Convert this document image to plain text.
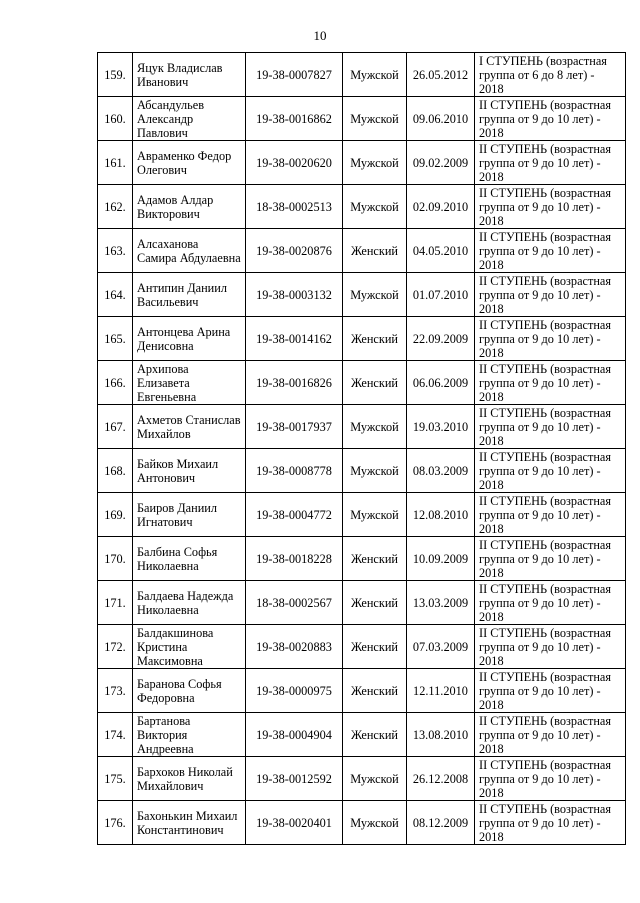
10
159.	Яцук Владислав Иванович	19-38-0007827	Мужской	26.05.2012	I СТУПЕНЬ (возрастная группа от 6 до 8 лет) - 2018
160.	Абсандульев Александр Павлович	19-38-0016862	Мужской	09.06.2010	II СТУПЕНЬ (возрастная группа от 9 до 10 лет) - 2018
161.	Авраменко Федор Олегович	19-38-0020620	Мужской	09.02.2009	II СТУПЕНЬ (возрастная группа от 9 до 10 лет) - 2018
162.	Адамов Алдар Викторович	18-38-0002513	Мужской	02.09.2010	II СТУПЕНЬ (возрастная группа от 9 до 10 лет) - 2018
163.	Алсаханова Самира Абдулаевна	19-38-0020876	Женский	04.05.2010	II СТУПЕНЬ (возрастная группа от 9 до 10 лет) - 2018
164.	Антипин Даниил Васильевич	19-38-0003132	Мужской	01.07.2010	II СТУПЕНЬ (возрастная группа от 9 до 10 лет) - 2018
165.	Антонцева Арина Денисовна	19-38-0014162	Женский	22.09.2009	II СТУПЕНЬ (возрастная группа от 9 до 10 лет) - 2018
166.	Архипова Елизавета Евгеньевна	19-38-0016826	Женский	06.06.2009	II СТУПЕНЬ (возрастная группа от 9 до 10 лет) - 2018
167.	Ахметов Станислав Михайлов	19-38-0017937	Мужской	19.03.2010	II СТУПЕНЬ (возрастная группа от 9 до 10 лет) - 2018
168.	Байков Михаил Антонович	19-38-0008778	Мужской	08.03.2009	II СТУПЕНЬ (возрастная группа от 9 до 10 лет) - 2018
169.	Баиров Даниил Игнатович	19-38-0004772	Мужской	12.08.2010	II СТУПЕНЬ (возрастная группа от 9 до 10 лет) - 2018
170.	Балбина Софья Николаевна	19-38-0018228	Женский	10.09.2009	II СТУПЕНЬ (возрастная группа от 9 до 10 лет) - 2018
171.	Балдаева Надежда Николаевна	18-38-0002567	Женский	13.03.2009	II СТУПЕНЬ (возрастная группа от 9 до 10 лет) - 2018
172.	Балдакшинова Кристина Максимовна	19-38-0020883	Женский	07.03.2009	II СТУПЕНЬ (возрастная группа от 9 до 10 лет) - 2018
173.	Баранова Софья Федоровна	19-38-0000975	Женский	12.11.2010	II СТУПЕНЬ (возрастная группа от 9 до 10 лет) - 2018
174.	Бартанова Виктория Андреевна	19-38-0004904	Женский	13.08.2010	II СТУПЕНЬ (возрастная группа от 9 до 10 лет) - 2018
175.	Бархоков Николай Михайлович	19-38-0012592	Мужской	26.12.2008	II СТУПЕНЬ (возрастная группа от 9 до 10 лет) - 2018
176.	Бахонькин Михаил Константинович	19-38-0020401	Мужской	08.12.2009	II СТУПЕНЬ (возрастная группа от 9 до 10 лет) - 2018
